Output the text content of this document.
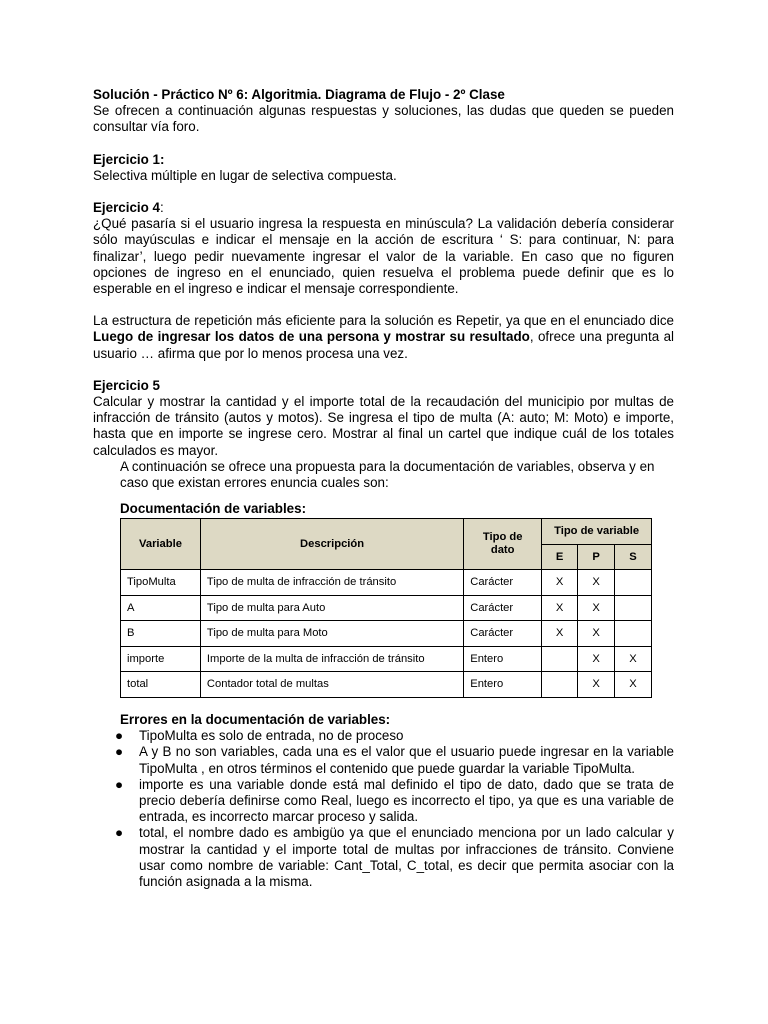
Solución - Práctico Nº 6: Algoritmia. Diagrama de Flujo - 2º Clase

Se ofrecen a continuación algunas respuestas y soluciones, las dudas que queden se pueden consultar vía foro.

Ejercicio 1:

Selectiva múltiple en lugar de selectiva compuesta.

Ejercicio 4:

¿Qué pasaría si el usuario ingresa la respuesta en minúscula? La validación debería considerar sólo mayúsculas e indicar el mensaje en la acción de escritura ‘ S: para continuar, N: para finalizar’, luego pedir nuevamente ingresar el valor de la variable. En caso que no figuren opciones de ingreso en el enunciado, quien resuelva el problema puede definir que es lo esperable en el ingreso e indicar el mensaje correspondiente.

La estructura de repetición más eficiente para la solución es Repetir, ya que en el enunciado dice Luego de ingresar los datos de una persona y mostrar su resultado, ofrece una pregunta al usuario … afirma que por lo menos procesa una vez.

Ejercicio 5

Calcular y mostrar la cantidad y el importe total de la recaudación del municipio por multas de infracción de tránsito (autos y motos). Se ingresa el tipo de multa (A: auto; M: Moto) e importe, hasta que en importe se ingrese cero. Mostrar al final un cartel que indique cuál de los totales calculados es mayor.

A continuación se ofrece una propuesta para la documentación de variables, observa y en caso que existan errores enuncia cuales son:

Documentación de variables:

Variable	Descripción	Tipo de dato	Tipo de variable		
			E	P	S
TipoMulta	Tipo de multa de infracción de tránsito	Carácter	X	X	
A	Tipo de multa para Auto	Carácter	X	X	
B	Tipo de multa para Moto	Carácter	X	X	
importe	Importe de la multa de infracción de tránsito	Entero		X	X
total	Contador total de multas	Entero		X	X

Errores en la documentación de variables:

● TipoMulta es solo de entrada, no de proceso
● A y B no son variables, cada una es el valor que el usuario puede ingresar en la variable TipoMulta , en otros términos el contenido que puede guardar la variable TipoMulta.
● importe es una variable donde está mal definido el tipo de dato, dado que se trata de precio debería definirse como Real, luego es incorrecto el tipo, ya que es una variable de entrada, es incorrecto marcar proceso y salida.
● total, el nombre dado es ambigüo ya que el enunciado menciona por un lado calcular y mostrar la cantidad y el importe total de multas por infracciones de tránsito. Conviene usar como nombre de variable: Cant_Total, C_total, es decir que permita asociar con la función asignada a la misma.
